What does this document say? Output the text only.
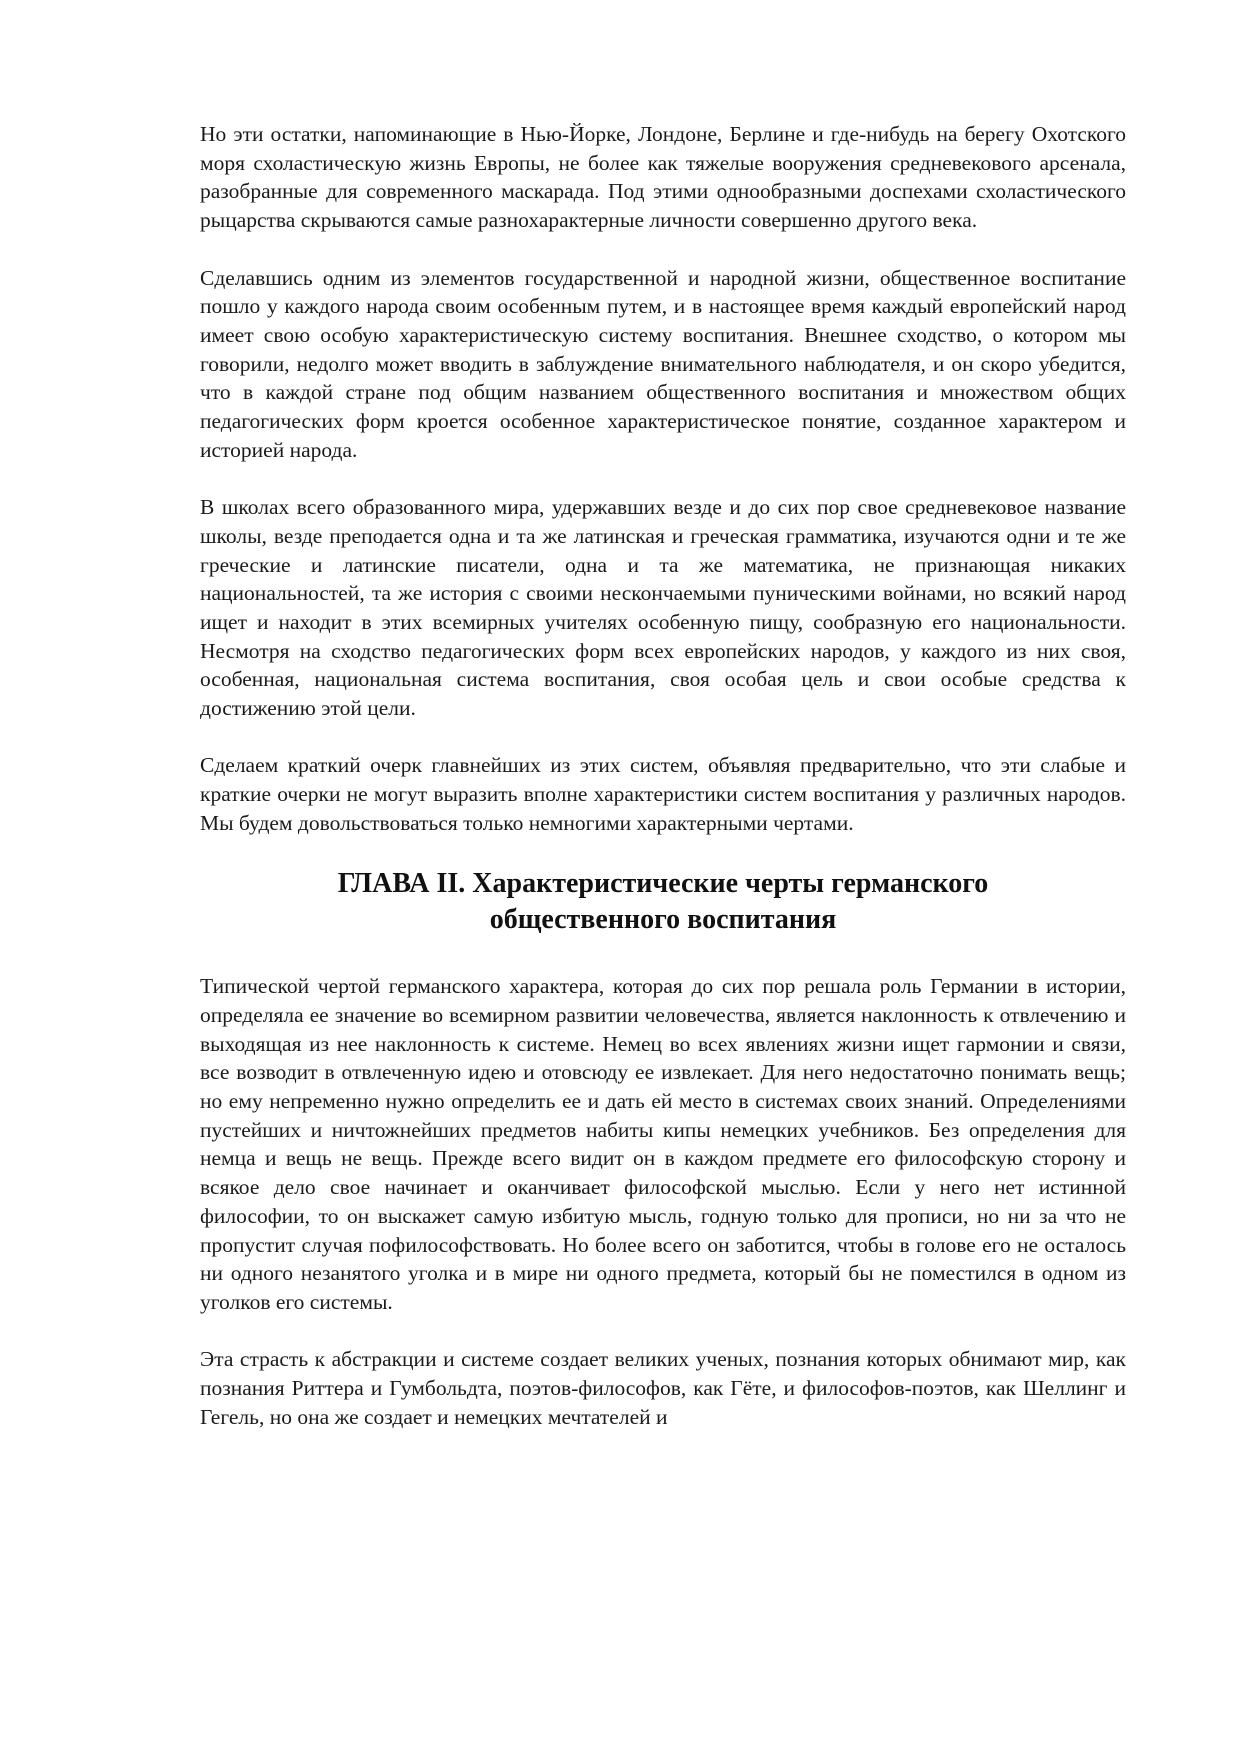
Но эти остатки, напоминающие в Нью-Йорке, Лондоне, Берлине и где-нибудь на берегу Охотского моря схоластическую жизнь Европы, не более как тяжелые вооружения средневекового арсенала, разобранные для современного маскарада. Под этими однообразными доспехами схоластического рыцарства скрываются самые разнохарактерные личности совершенно другого века.

Сделавшись одним из элементов государственной и народной жизни, общественное воспитание пошло у каждого народа своим особенным путем, и в настоящее время каждый европейский народ имеет свою особую характеристическую систему воспитания. Внешнее сходство, о котором мы говорили, недолго может вводить в заблуждение внимательного наблюдателя, и он скоро убедится, что в каждой стране под общим названием общественного воспитания и множеством общих педагогических форм кроется особенное характеристическое понятие, созданное характером и историей народа.

В школах всего образованного мира, удержавших везде и до сих пор свое средневековое название школы, везде преподается одна и та же латинская и греческая грамматика, изучаются одни и те же греческие и латинские писатели, одна и та же математика, не признающая никаких национальностей, та же история с своими нескончаемыми пуническими войнами, но всякий народ ищет и находит в этих всемирных учителях особенную пищу, сообразную его национальности. Несмотря на сходство педагогических форм всех европейских народов, у каждого из них своя, особенная, национальная система воспитания, своя особая цель и свои особые средства к достижению этой цели.

Сделаем краткий очерк главнейших из этих систем, объявляя предварительно, что эти слабые и краткие очерки не могут выразить вполне характеристики систем воспитания у различных народов. Мы будем довольствоваться только немногими характерными чертами.

ГЛАВА II. Характеристические черты германского
общественного воспитания

Типической чертой германского характера, которая до сих пор решала роль Германии в истории, определяла ее значение во всемирном развитии человечества, является наклонность к отвлечению и выходящая из нее наклонность к системе. Немец во всех явлениях жизни ищет гармонии и связи, все возводит в отвлеченную идею и отовсюду ее извлекает. Для него недостаточно понимать вещь; но ему непременно нужно определить ее и дать ей место в системах своих знаний. Определениями пустейших и ничтожнейших предметов набиты кипы немецких учебников. Без определения для немца и вещь не вещь. Прежде всего видит он в каждом предмете его философскую сторону и всякое дело свое начинает и оканчивает философской мыслью. Если у него нет истинной философии, то он выскажет самую избитую мысль, годную только для прописи, но ни за что не пропустит случая пофилософствовать. Но более всего он заботится, чтобы в голове его не осталось ни одного незанятого уголка и в мире ни одного предмета, который бы не поместился в одном из уголков его системы.

Эта страсть к абстракции и системе создает великих ученых, познания которых обнимают мир, как познания Риттера и Гумбольдта, поэтов-философов, как Гёте, и философов-поэтов, как Шеллинг и Гегель, но она же создает и немецких мечтателей и
